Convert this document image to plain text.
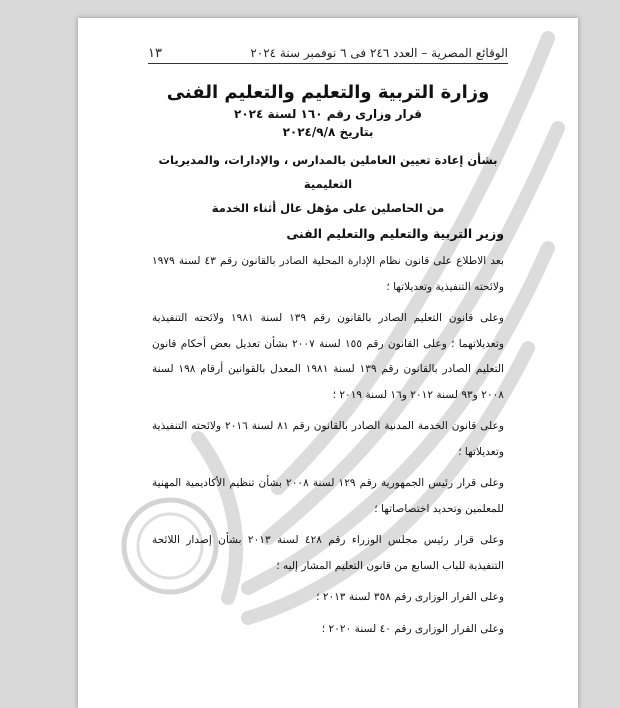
١٣	الوقائع المصرية – العدد ٢٤٦ فى ٦ نوفمبر سنة ٢٠٢٤
وزارة التربية والتعليم والتعليم الفنى
قرار وزارى رقم ١٦٠ لسنة ٢٠٢٤
بتاريخ ٢٠٢٤/٩/٨
بشأن إعادة تعيين العاملين بالمدارس ، والإدارات، والمديريات التعليمية
من الحاصلين على مؤهل عال أثناء الخدمة
وزير التربية والتعليم والتعليم الفنى

بعد الاطلاع على قانون نظام الإدارة المحلية الصادر بالقانون رقم ٤٣ لسنة ١٩٧٩ ولائحته التنفيذية وتعديلاتها ؛

وعلى قانون التعليم الصادر بالقانون رقم ١٣٩ لسنة ١٩٨١ ولائحته التنفيذية وتعديلاتهما ؛ وعلى القانون رقم ١٥٥ لسنة ٢٠٠٧ بشأن تعديل بعض أحكام قانون التعليم الصادر بالقانون رقم ١٣٩ لسنة ١٩٨١ المعدل بالقوانين أرقام ١٩٨ لسنة ٢٠٠٨ و٩٣ لسنة ٢٠١٢ و١٦ لسنة ٢٠١٩ ؛

وعلى قانون الخدمة المدنية الصادر بالقانون رقم ٨١ لسنة ٢٠١٦ ولائحته التنفيذية وتعديلاتها ؛

وعلى قرار رئيس الجمهورية رقم ١٢٩ لسنة ٢٠٠٨ بشأن تنظيم الأكاديمية المهنية للمعلمين وتحديد اختصاصاتها ؛

وعلى قرار رئيس مجلس الوزراء رقم ٤٢٨ لسنة ٢٠١٣ بشأن إصدار اللائحة التنفيذية للباب السابع من قانون التعليم المشار إليه ؛

وعلى القرار الوزارى رقم ٣٥٨ لسنة ٢٠١٣ ؛

وعلى القرار الوزارى رقم ٤٠ لسنة ٢٠٢٠ ؛
